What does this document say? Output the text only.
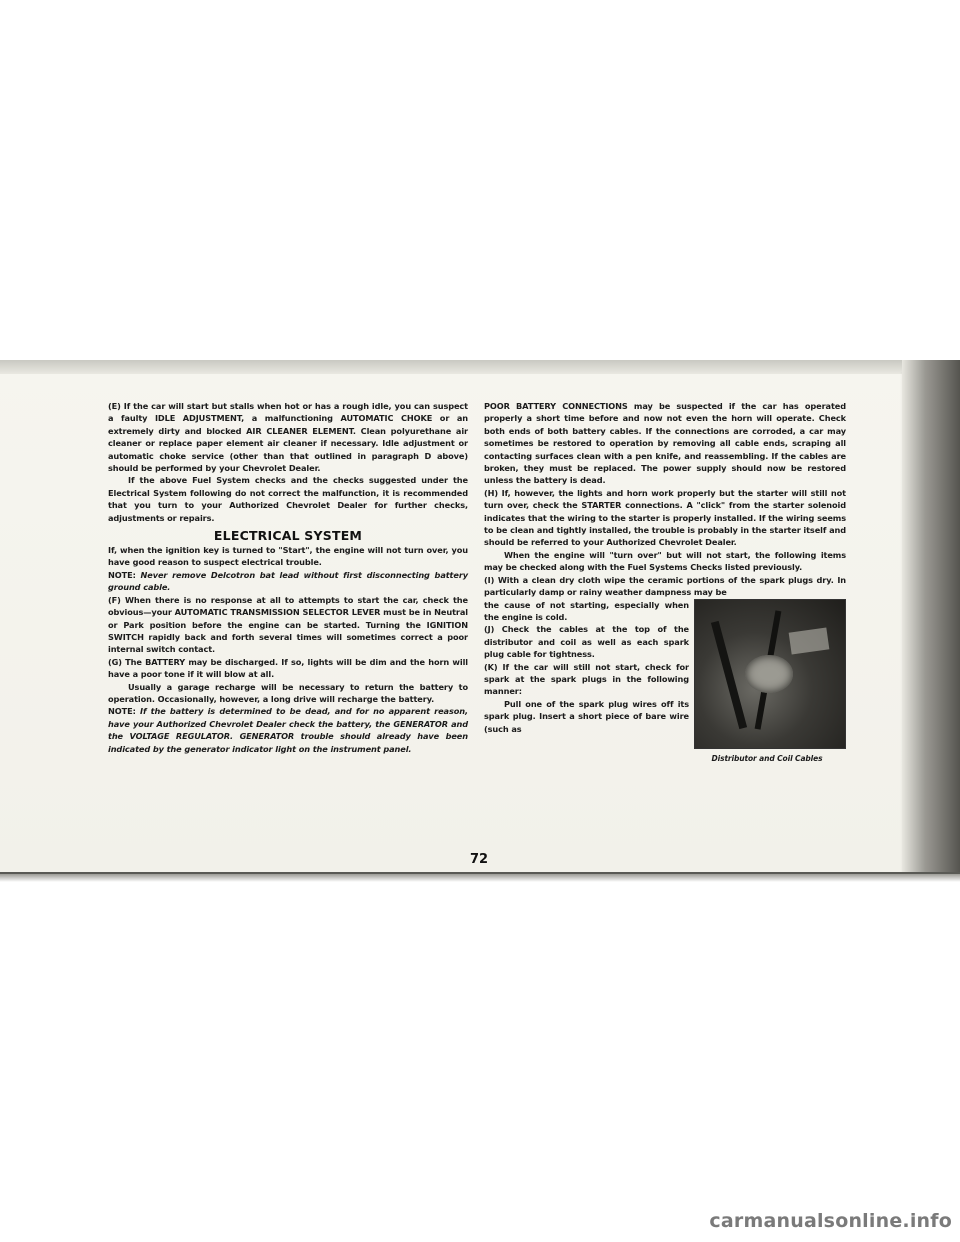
(E) If the car will start but stalls when hot or has a rough idle, you can suspect a faulty IDLE ADJUSTMENT, a malfunctioning AUTOMATIC CHOKE or an extremely dirty and blocked AIR CLEANER ELEMENT. Clean polyurethane air cleaner or replace paper element air cleaner if necessary. Idle adjustment or automatic choke service (other than that outlined in paragraph D above) should be performed by your Chevrolet Dealer.

If the above Fuel System checks and the checks suggested under the Electrical System following do not correct the malfunction, it is recommended that you turn to your Authorized Chevrolet Dealer for further checks, adjustments or repairs.

ELECTRICAL SYSTEM

If, when the ignition key is turned to "Start", the engine will not turn over, you have good reason to suspect electrical trouble.

NOTE: Never remove Delcotron bat lead without first disconnecting battery ground cable.

(F) When there is no response at all to attempts to start the car, check the obvious—your AUTOMATIC TRANSMISSION SELECTOR LEVER must be in Neutral or Park position before the engine can be started. Turning the IGNITION SWITCH rapidly back and forth several times will sometimes correct a poor internal switch contact.

(G) The BATTERY may be discharged. If so, lights will be dim and the horn will have a poor tone if it will blow at all.

Usually a garage recharge will be necessary to return the battery to operation. Occasionally, however, a long drive will recharge the battery.

NOTE: If the battery is determined to be dead, and for no apparent reason, have your Authorized Chevrolet Dealer check the battery, the GENERATOR and the VOLTAGE REGULATOR. GENERATOR trouble should already have been indicated by the generator indicator light on the instrument panel.

POOR BATTERY CONNECTIONS may be suspected if the car has operated properly a short time before and now not even the horn will operate. Check both ends of both battery cables. If the connections are corroded, a car may sometimes be restored to operation by removing all cable ends, scraping all contacting surfaces clean with a pen knife, and reassembling. If the cables are broken, they must be replaced. The power supply should now be restored unless the battery is dead.

(H) If, however, the lights and horn work properly but the starter will still not turn over, check the STARTER connections. A "click" from the starter solenoid indicates that the wiring to the starter is properly installed. If the wiring seems to be clean and tightly installed, the trouble is probably in the starter itself and should be referred to your Authorized Chevrolet Dealer.

When the engine will "turn over" but will not start, the following items may be checked along with the Fuel Systems Checks listed previously.

(I) With a clean dry cloth wipe the ceramic portions of the spark plugs dry. In particularly damp or rainy weather dampness may be

Distributor and Coil Cables

the cause of not starting, especially when the engine is cold.

(J) Check the cables at the top of the distributor and coil as well as each spark plug cable for tightness.

(K) If the car will still not start, check for spark at the spark plugs in the following manner:

Pull one of the spark plug wires off its spark plug. Insert a short piece of bare wire (such as

72
carmanualsonline.info
